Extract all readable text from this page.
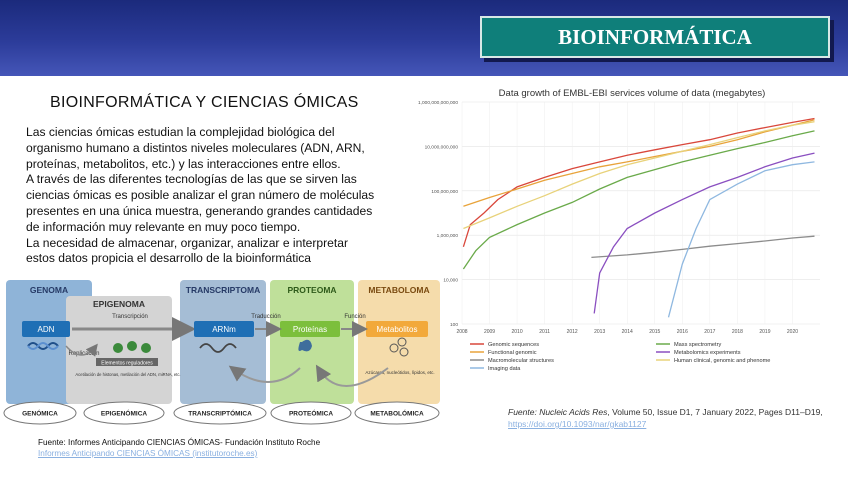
BIOINFORMÁTICA
BIOINFORMÁTICA Y CIENCIAS ÓMICAS

Las ciencias ómicas estudian la complejidad biológica del organismo humano a distintos niveles moleculares (ADN, ARN, proteínas, metabolitos, etc.) y las interacciones entre ellos.

A través de las diferentes tecnologías de las que se sirven las ciencias ómicas es posible analizar el gran número de moléculas presentes en una única muestra, generando grandes cantidades de información muy relevante en muy poco tiempo.

La necesidad de almacenar, organizar, analizar e interpretar estos datos propicia el desarrollo de la bioinformática

GENOMA
EPIGENOMA
TRANSCRIPTOMA	PROTEOMA	METABOLOMA
Transcripción	Traducción	Función
ADN	ARNm	Proteínas	Metabolitos
Replicación
Elementos reguladores
Acetilación de histonas, metilación del ADN, miRNA, etc.	Azúcares, nucleótidos, lípidos, etc.
GENÓMICA	EPIGENÓMICA	TRANSCRIPTÓMICA	PROTEÓMICA	METABOLÓMICA
Fuente: Informes Anticipando CIENCIAS ÓMICAS- Fundación Instituto Roche
Informes Anticipando CIENCIAS ÓMICAS (institutoroche.es)
Data growth of EMBL-EBI services volume of data (megabytes)
1,000,000,000,000
10,000,000,000
100,000,000
1,000,000
10,000
100
2008	2009	2010	2011	2012	2013	2014	2015	2016	2017	2018	2019	2020
Genomic sequences	Mass spectrometry
Functional genomic	Metabolomics experiments
Macromolecular structures	Human clinical, genomic and phenome
Imaging data
Fuente: Nucleic Acids Res, Volume 50, Issue D1, 7 January 2022, Pages D11–D19, https://doi.org/10.1093/nar/gkab1127
